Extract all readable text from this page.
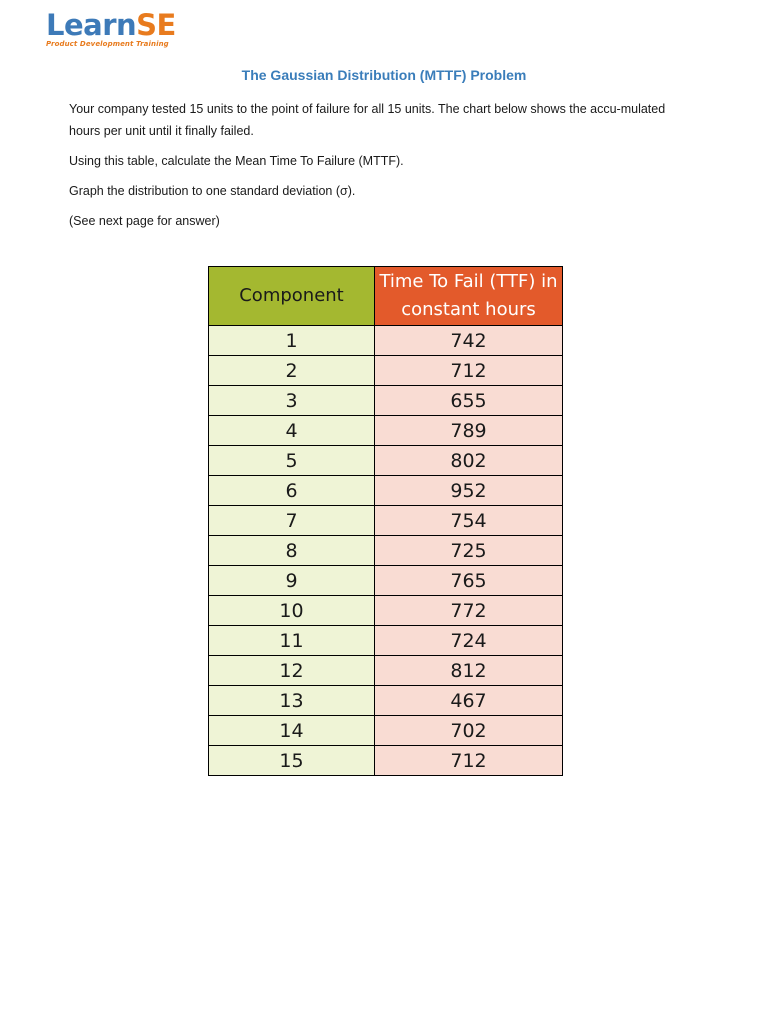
LearnSE
Product Development Training
The Gaussian Distribution (MTTF) Problem

Your company tested 15 units to the point of failure for all 15 units. The chart below shows the accu-mulated hours per unit until it finally failed.

Using this table, calculate the Mean Time To Failure (MTTF).

Graph the distribution to one standard deviation (σ).

(See next page for answer)

Component	Time To Fail (TTF) in constant hours
1	742
2	712
3	655
4	789
5	802
6	952
7	754
8	725
9	765
10	772
11	724
12	812
13	467
14	702
15	712
